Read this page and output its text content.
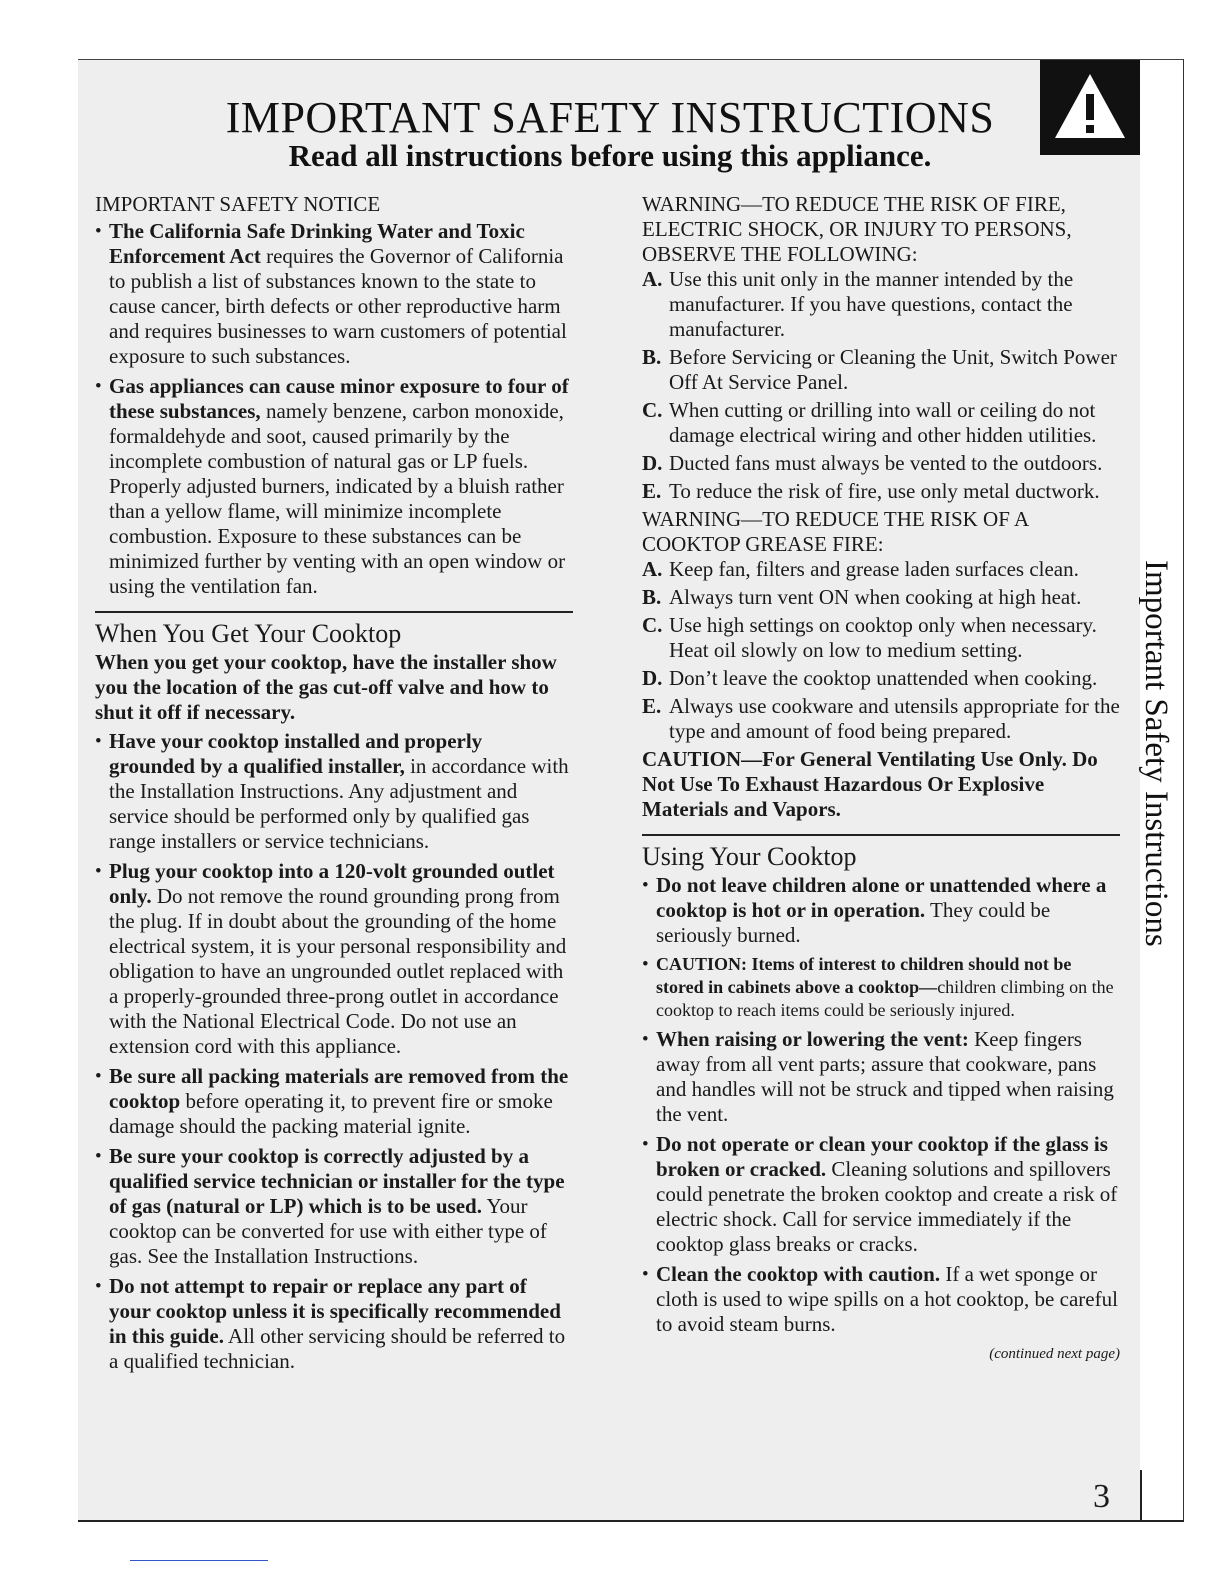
IMPORTANT SAFETY INSTRUCTIONS
Read all instructions before using this appliance.
Important Safety Instructions
IMPORTANT SAFETY NOTICE
• The California Safe Drinking Water and Toxic Enforcement Act requires the Governor of California to publish a list of substances known to the state to cause cancer, birth defects or other reproductive harm and requires businesses to warn customers of potential exposure to such substances.
• Gas appliances can cause minor exposure to four of these substances, namely benzene, carbon monoxide, formaldehyde and soot, caused primarily by the incomplete combustion of natural gas or LP fuels. Properly adjusted burners, indicated by a bluish rather than a yellow flame, will minimize incomplete combustion. Exposure to these substances can be minimized further by venting with an open window or using the ventilation fan.
When You Get Your Cooktop
When you get your cooktop, have the installer show you the location of the gas cut-off valve and how to shut it off if necessary.
• Have your cooktop installed and properly grounded by a qualified installer, in accordance with the Installation Instructions. Any adjustment and service should be performed only by qualified gas range installers or service technicians.
• Plug your cooktop into a 120-volt grounded outlet only. Do not remove the round grounding prong from the plug. If in doubt about the grounding of the home electrical system, it is your personal responsibility and obligation to have an ungrounded outlet replaced with a properly-grounded three-prong outlet in accordance with the National Electrical Code. Do not use an extension cord with this appliance.
• Be sure all packing materials are removed from the cooktop before operating it, to prevent fire or smoke damage should the packing material ignite.
• Be sure your cooktop is correctly adjusted by a qualified service technician or installer for the type of gas (natural or LP) which is to be used. Your cooktop can be converted for use with either type of gas. See the Installation Instructions.
• Do not attempt to repair or replace any part of your cooktop unless it is specifically recommended in this guide. All other servicing should be referred to a qualified technician.
WARNING—TO REDUCE THE RISK OF FIRE, ELECTRIC SHOCK, OR INJURY TO PERSONS, OBSERVE THE FOLLOWING:
A. Use this unit only in the manner intended by the manufacturer. If you have questions, contact the manufacturer.
B. Before Servicing or Cleaning the Unit, Switch Power Off At Service Panel.
C. When cutting or drilling into wall or ceiling do not damage electrical wiring and other hidden utilities.
D. Ducted fans must always be vented to the outdoors.
E. To reduce the risk of fire, use only metal ductwork.
WARNING—TO REDUCE THE RISK OF A COOKTOP GREASE FIRE:
A. Keep fan, filters and grease laden surfaces clean.
B. Always turn vent ON when cooking at high heat.
C. Use high settings on cooktop only when necessary. Heat oil slowly on low to medium setting.
D. Don’t leave the cooktop unattended when cooking.
E. Always use cookware and utensils appropriate for the type and amount of food being prepared.
CAUTION—For General Ventilating Use Only. Do Not Use To Exhaust Hazardous Or Explosive Materials and Vapors.
Using Your Cooktop
• Do not leave children alone or unattended where a cooktop is hot or in operation. They could be seriously burned.
• CAUTION: Items of interest to children should not be stored in cabinets above a cooktop—children climbing on the cooktop to reach items could be seriously injured.
• When raising or lowering the vent: Keep fingers away from all vent parts; assure that cookware, pans and handles will not be struck and tipped when raising the vent.
• Do not operate or clean your cooktop if the glass is broken or cracked. Cleaning solutions and spillovers could penetrate the broken cooktop and create a risk of electric shock. Call for service immediately if the cooktop glass breaks or cracks.
• Clean the cooktop with caution. If a wet sponge or cloth is used to wipe spills on a hot cooktop, be careful to avoid steam burns.
(continued next page)
3
